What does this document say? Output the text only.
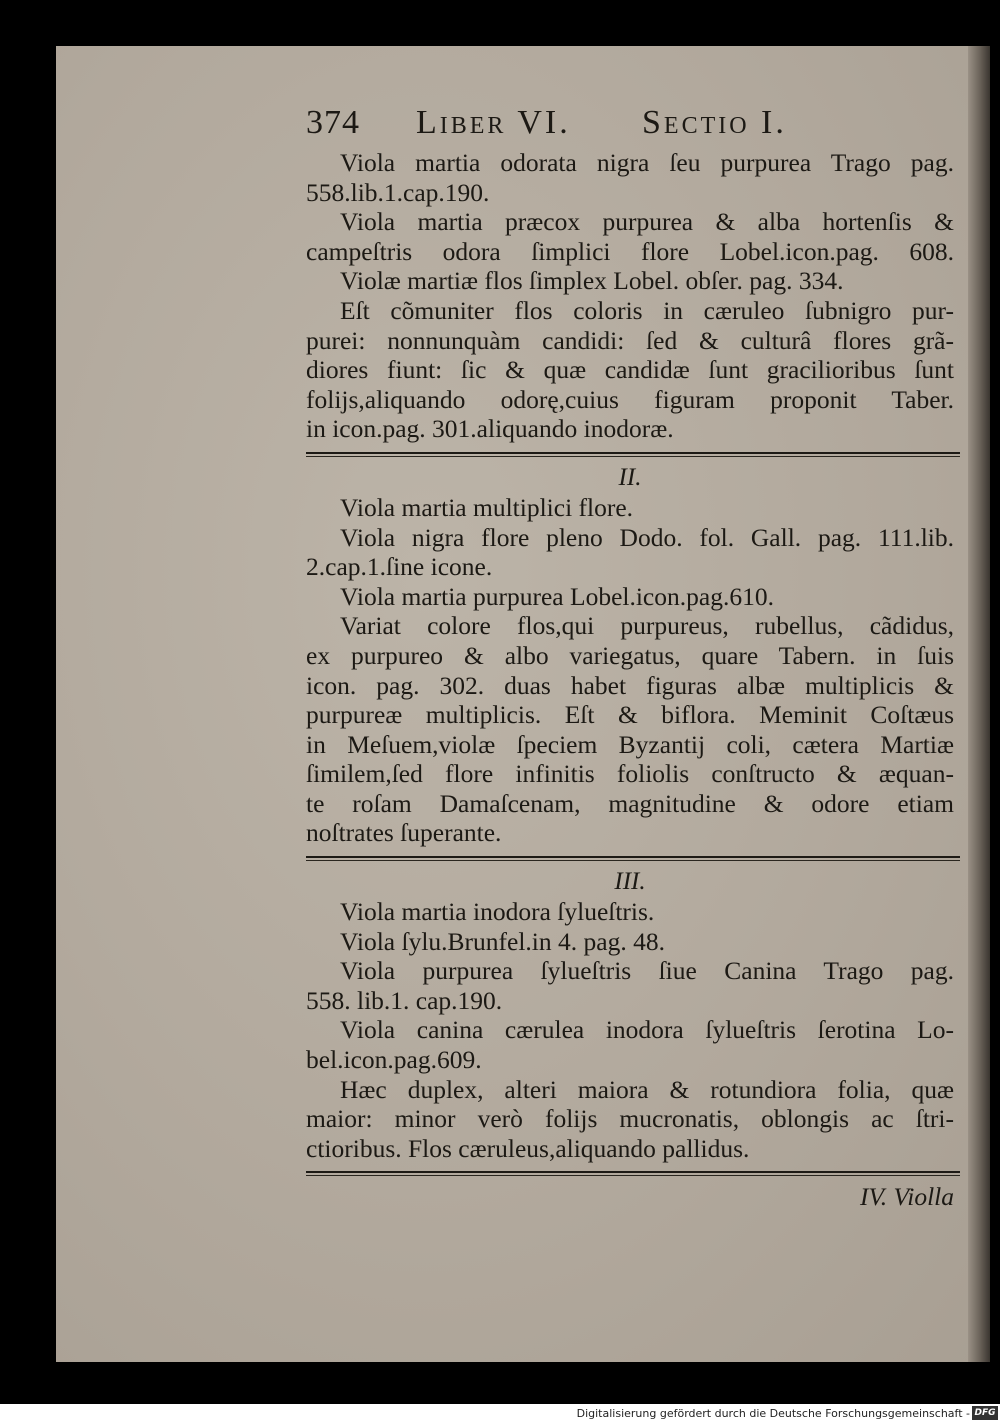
374	Liber VI.	Sectio I.
Viola martia odorata nigra ſeu purpurea Trago pag.
558.lib.1.cap.190.
Viola martia præcox purpurea & alba hortenſis &
campeſtris odora ſimplici flore Lobel.icon.pag. 608.
Violæ martiæ flos ſimplex Lobel. obſer. pag. 334.
Eſt cõmuniter flos coloris in cæruleo ſubnigro pur-
purei: nonnunquàm candidi: ſed & culturâ flores grã-
diores fiunt: ſic & quæ candidæ ſunt gracilioribus ſunt
folijs,aliquando odorę,cuius figuram proponit Taber.
in icon.pag. 301.aliquando inodoræ.
II.
Viola martia multiplici flore.
Viola nigra flore pleno Dodo. fol. Gall. pag. 111.lib.
2.cap.1.ſine icone.
Viola martia purpurea Lobel.icon.pag.610.
Variat colore flos,qui purpureus, rubellus, cãdidus,
ex purpureo & albo variegatus, quare Tabern. in ſuis
icon. pag. 302. duas habet figuras albæ multiplicis &
purpureæ multiplicis. Eſt & biflora. Meminit Coſtæus
in Meſuem,violæ ſpeciem Byzantij coli, cætera Martiæ
ſimilem,ſed flore infinitis foliolis conſtructo & æquan-
te roſam Damaſcenam, magnitudine & odore etiam
noſtrates ſuperante.
III.
Viola martia inodora ſylueſtris.
Viola ſylu.Brunfel.in 4. pag. 48.
Viola purpurea ſylueſtris ſiue Canina Trago pag.
558. lib.1. cap.190.
Viola canina cærulea inodora ſylueſtris ſerotina Lo-
bel.icon.pag.609.
Hæc duplex, alteri maiora & rotundiora folia, quæ
maior: minor verò folijs mucronatis, oblongis ac ſtri-
ctioribus. Flos cæruleus,aliquando pallidus.
IV. Violla
Digitalisierung gefördert durch die Deutsche Forschungsgemeinschaft - DFG
